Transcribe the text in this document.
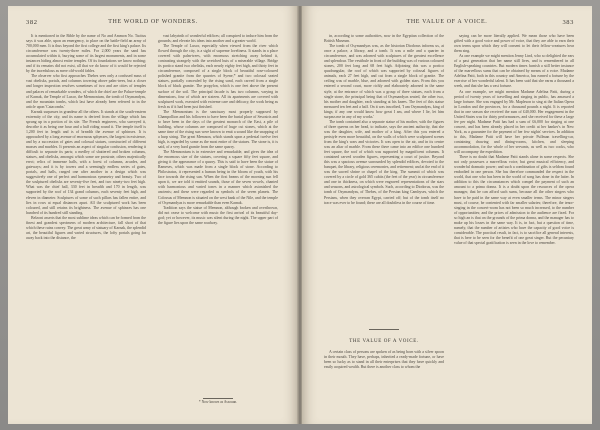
382	THE WORLD OF WONDERS.

It is mentioned in the Bible by the name of No and Ammon No. Tacitus says it was able, upon an emergency, to place on the battle-field an army of 700,000 men. It is thus beyond the first college and the first king's palace. Its circumference was twenty-three miles. For 2,000 years the sand has accumulated within it, burying some of its largest monuments, and in some instances hiding almost entire temples. Of its foundations we know nothing; and if its remains did not exist, all that we do know of it would be rejected by the incredulous as mere old-world fables.

The observer who first approaches Thebes sees only a confused mass of vast obelisks, portals, and columns towering above palm-trees, but a closer and longer inspection resolves sometimes of two and are cities of temples and palaces of remarkable wonders, of which the chief are the Palace-temple of Karnak, the Temple of Luxor, the Memnonium, the tomb of Osymandyas, and the mountain tombs, which last have already been referred to in the article upon 'Catacombs.'

Karnak surpasses in grandeur all the others. It stands at the south-eastern extremity of the city, and its name is derived from the village which has sprung up in a portion of its site. The French engineers, who surveyed it, describe it as being one hour and a half riding round it. The temple itself is 1,200 feet in length and is of breadth the avenue of sphinxes. It is approached by a long avenue of enormous sphynxes, the largest in existence, and by a succession of gates and colossal statues, constructed of different masses and marbles. It presents an aspect of singular confusion, rendering it difficult to separate its parts; a medley of shattered and broken columns, statues, and obelisks, amongst which some are prostrate, others majestically erect; relics of immense halls, with a forest of columns, arcades, and gateways; and it is by towers and a seemingly endless series of gates, portals, and halls, ranged one after another in a design which was suggestively one of perfect and harmonious symmetry and beauty. Two of the sculptured obelisks are seventy-five feet, and two ninety-two feet high. What was the chief hall, 330 feet in breadth and 170 in length, was supported by the roof of 134 grand columns, each seventy feet high, and eleven in diameter. Sculptures of some of such pillars has fallen entire, and lies in rows at equal distances apart. All the sculptured work has been coloured, and still retains its brightness. The avenue of sphinxes has one hundred of its hundred still standing.

Belzoni asserts that the most sublime ideas which can be formed from the finest and grandest specimens of modern architecture, fall short of that which these ruins convey. The great army of statuary of Karnak, the splendid art, the beautiful figures and varied structures, the lofty portals going far away back into the distance, the

vast labyrinth of wonderful edifices; all conspired to induce him from the grounds; and elevate his ideas into another and a greater world.

The Temple of Luxor, especially when viewed from the river which flowed through the city, is a sight of supreme loveliness. It stands in a place covered with palm-trees, with enormous stretching away behind it, contrasting strangely with the wretched huts of a miserable village. Bridge its portico stand two obelisks, each nearly eighty feet high, and thirty feet in circumference, composed of a single block of beautiful rose-coloured polished granite from the quarries of Syene,* and two colossal seated statues, partially concealed by the rising sand, each carved from a single block of black granite. The propylon, which is one feet above the present surface of the soil. The principal facade is has two columns, varying in dimensions, four of which are sixteen. All its apartments are covered with sculptured work, executed with extreme care and delicacy, the work being as fresh as if it had been just finished.

The Memnonium is the sanctuary most properly supposed by Champollion and his followers to have been the burial place of Sesostris and to have been in the days of the greatest monarch of the East, a pile of building, whose columns are composed of huge cut stones, which at the same time of the rising sun were known to emit a sound like the snapping of a harp string. The great Memnon, which stands upon a pedestal twelve feet high, is regarded by some as the most entire of the statues. The stone is, it is said, of a very hard granite from the same quarry.

The Memnonium is in extensive and remarkable, and gives the idea of the enormous size of the statues, covering a square fifty feet square, and giving it the appearance of a quarry. This is said to have been the statue of Rameses, which was made from a single block of stone. According to Philostratus, it represented a human being in the bloom of youth, with his face towards the rising sun. When the first beams of the morning sun fell upon it, we are told it emitted sounds, those of the seven vowels, chanted with harmonious and varied tones in a manner which astonished the ancients; and these were regarded as symbols of the seven planets. The Colossus of Memnon is situated on the west bank of the Nile, and the temple of Osymandyas is more remarkable than even Karnak.

Tradition says the statue of Memnon, although broken and overthrown, did not cease to welcome with music the first arrival of its beautiful day-god; yet or however, its music was silent during the night. The upper part of the figure lies upon the same roadway.

* Now known as Assouan.
THE VALUE OF A VOICE.	383

in, according to some authorities, now in the Egyptian collection of the British Museum.

The tomb of Osymandyas was, as the historian Diodorus informs us, at once a palace, a library, and a tomb. It was a mile and a quarter in circumference, and was adorned with sculptures of the greatest excellence and splendour. The vestibule in front of the building was of various coloured stones, 200 feet long and 68 feet high. Adjoining this was a portico quadrangular, the roof of which was supported by colossal figures of animals, each 27 feet high, and cut from a single block of granite. The ceiling was of marble, blue, and adorned with golden stars. From this you entered a second court, more richly and elaborately adorned in the same style, at the entrance of which was a group of three statues, each from a single stone, the principal being that of Osymandyas seated, the other two, his mother and daughter, each standing at his knees. The feet of this statue measured ten feet and a half. On it was inscribed, 'I am Osymandyas, king of kings; if any one would know how great I am, and where I lie, let him surpass me in any of my works.'

The tomb contained also a separate statue of his mother, with the figures of three queens on her head, to indicate, says the ancient authority, that she was the daughter, wife, and mother of a king. After this you entered a peristyle even more beautiful, on the walls of which were sculptured scenes from the king's wars and victories. It was open to the air, and in its centre was an altar of marble. From these there came into an edifice one hundred feet square, the roof of which was supported by magnificent columns. It contained carved wooden figures, representing a court of justice. Beyond this was a spacious avenue surrounded by splendid edifices, devoted to the banquet, the library, religious ceremonies, and retirement; and at the end of it was the sacred shrine or chapel of the king. The summit of which was covered by a circle of gold 365 cubits (the feet of the year) in circumference and one in thickness, on which were engraved representations of the stars and seasons, and astrological symbols. Such, according to Diodorus, was the tomb of Osymandyas, of Thebes, of the Persian king Cambyses, which the Persians, when they overran Egypt, carried off; but of the tomb itself no trace was ever to be found; these are all doubtless in the course of time.

THE VALUE OF A VOICE.

A certain class of persons are spoken of as being born with a silver spoon in their mouth. They have, perhaps, inherited a ready-made fortune, or have been so lucky as to stand in all their enterprises that they have quickly and easily acquired wealth. But there is another class to whom the

saying can be more literally applied. We mean those who have been gifted with a good voice and power of voice, that they are able to earn their own terms upon which they will consent to let their fellow-creatures hear them sing.

As one example we might mention Jenny Lind, who so delighted the ears of a past generation that her name still lives, and is remembered in all English-speaking countries. But modern times furnish a still better instance of the marvellous sums that can be obtained by means of a voice. Madame Adelina Patti, both in this country and America, has earned a fortune by the exercise of her wonderful talent. It has been said that she earns a thousand a week, and that she has a vast fortune.

As one example, we might mention Madame Adelina Patti, during a period of twenty years of travelling and singing in public, has amassed a large fortune. She was engaged by Mr. Mapleson to sing at the Italian Opera in London and the provinces, for a thousand pounds a night. It is reported that in one season she received the sum of £40,000. Her engagement in the United States was for thirty performances, and she received for these a large fee per night. Madame Patti has had a sum of £6,000 for singing at one concert, and has been already placed in her credit at her banker's in New York, as a guarantee for the payment of her few nights' services. In addition to this, Madame Patti will have her private Pullman travelling-car, containing drawing and dining-rooms, kitchen, and sleeping accommodation, for the whole of her servants, as well as two cooks, who will accompany the expedition.

There is no doubt that Madame Patti stands alone in some respects. She not only possesses a marvellous voice, but great musical efficiency, and wonderful dramatic power; and such a combination of gifts is seldom found embodied in one person. She has therefore commanded the respect in the world, that one who has been in the world of song has done in the latter. In addition to this the circumstances which compel the payment of such an amount to a prima donna. It is a doubt upon the resources of the opera manager, that he can afford such sums, because all the other singers who have to be paid in the same way at even smaller terms. The minor singers must, of course, be contented with far smaller salaries; therefore, the tenor-singing in the concert-room has not been so much increased, to the number of opportunities; and the prices of admission to the audience are fixed. For so high an is that on the grounds of the prima donna, and the manager has to make up his losses in the same way. It is, in fact, but a question of time, namely, that the number of artistes who have the capacity of good voice is considerable. The practical result, in fact, is to sacrifice all general interests, that is here to be seen for the benefit of one great singer. But the pecuniary value of that special gratification is seen in the love to remember.
